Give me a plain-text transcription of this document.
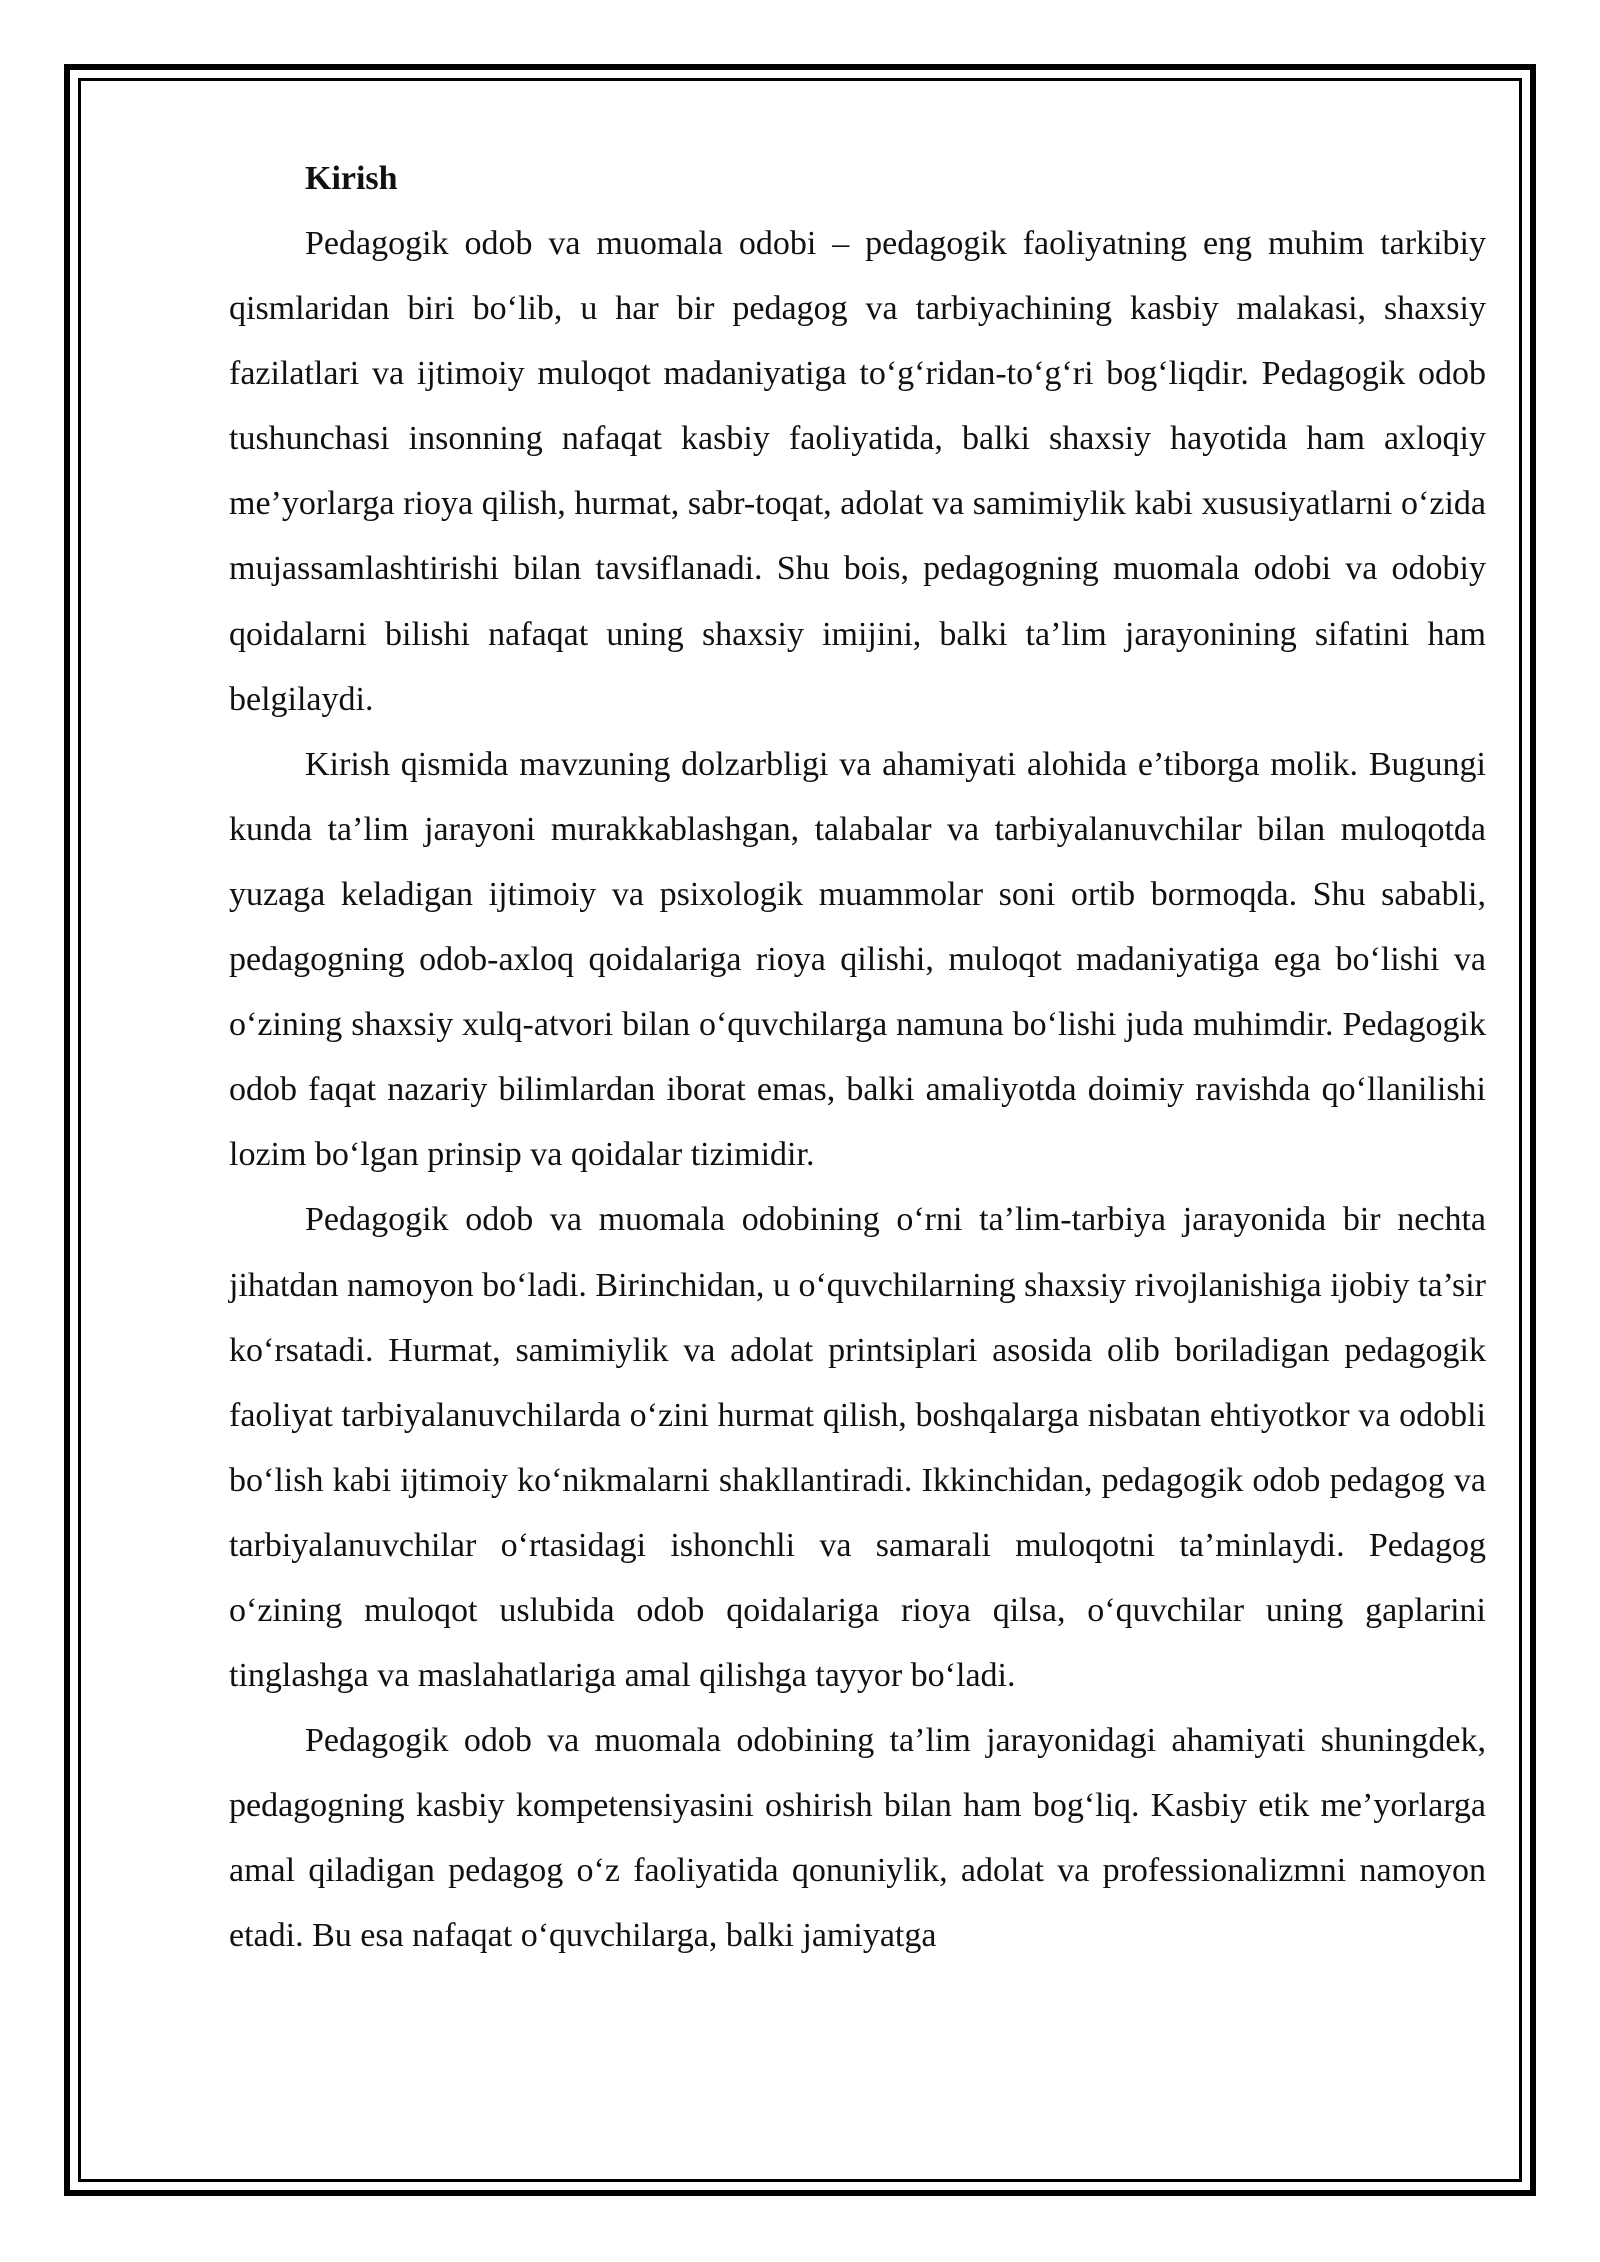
Kirish

Pedagogik odob va muomala odobi – pedagogik faoliyatning eng muhim tarkibiy qismlaridan biri bo‘lib, u har bir pedagog va tarbiyachining kasbiy malakasi, shaxsiy fazilatlari va ijtimoiy muloqot madaniyatiga to‘g‘ridan-to‘g‘ri bog‘liqdir. Pedagogik odob tushunchasi insonning nafaqat kasbiy faoliyatida, balki shaxsiy hayotida ham axloqiy me’yorlarga rioya qilish, hurmat, sabr-toqat, adolat va samimiylik kabi xususiyatlarni o‘zida mujassamlashtirishi bilan tavsiflanadi. Shu bois, pedagogning muomala odobi va odobiy qoidalarni bilishi nafaqat uning shaxsiy imijini, balki ta’lim jarayonining sifatini ham belgilaydi.

Kirish qismida mavzuning dolzarbligi va ahamiyati alohida e’tiborga molik. Bugungi kunda ta’lim jarayoni murakkablashgan, talabalar va tarbiyalanuvchilar bilan muloqotda yuzaga keladigan ijtimoiy va psixologik muammolar soni ortib bormoqda. Shu sababli, pedagogning odob-axloq qoidalariga rioya qilishi, muloqot madaniyatiga ega bo‘lishi va o‘zining shaxsiy xulq-atvori bilan o‘quvchilarga namuna bo‘lishi juda muhimdir. Pedagogik odob faqat nazariy bilimlardan iborat emas, balki amaliyotda doimiy ravishda qo‘llanilishi lozim bo‘lgan prinsip va qoidalar tizimidir.

Pedagogik odob va muomala odobining o‘rni ta’lim-tarbiya jarayonida bir nechta jihatdan namoyon bo‘ladi. Birinchidan, u o‘quvchilarning shaxsiy rivojlanishiga ijobiy ta’sir ko‘rsatadi. Hurmat, samimiylik va adolat printsiplari asosida olib boriladigan pedagogik faoliyat tarbiyalanuvchilarda o‘zini hurmat qilish, boshqalarga nisbatan ehtiyotkor va odobli bo‘lish kabi ijtimoiy ko‘nikmalarni shakllantiradi. Ikkinchidan, pedagogik odob pedagog va tarbiyalanuvchilar o‘rtasidagi ishonchli va samarali muloqotni ta’minlaydi. Pedagog o‘zining muloqot uslubida odob qoidalariga rioya qilsa, o‘quvchilar uning gaplarini tinglashga va maslahatlariga amal qilishga tayyor bo‘ladi.

Pedagogik odob va muomala odobining ta’lim jarayonidagi ahamiyati shuningdek, pedagogning kasbiy kompetensiyasini oshirish bilan ham bog‘liq. Kasbiy etik me’yorlarga amal qiladigan pedagog o‘z faoliyatida qonuniylik, adolat va professionalizmni namoyon etadi. Bu esa nafaqat o‘quvchilarga, balki jamiyatga
